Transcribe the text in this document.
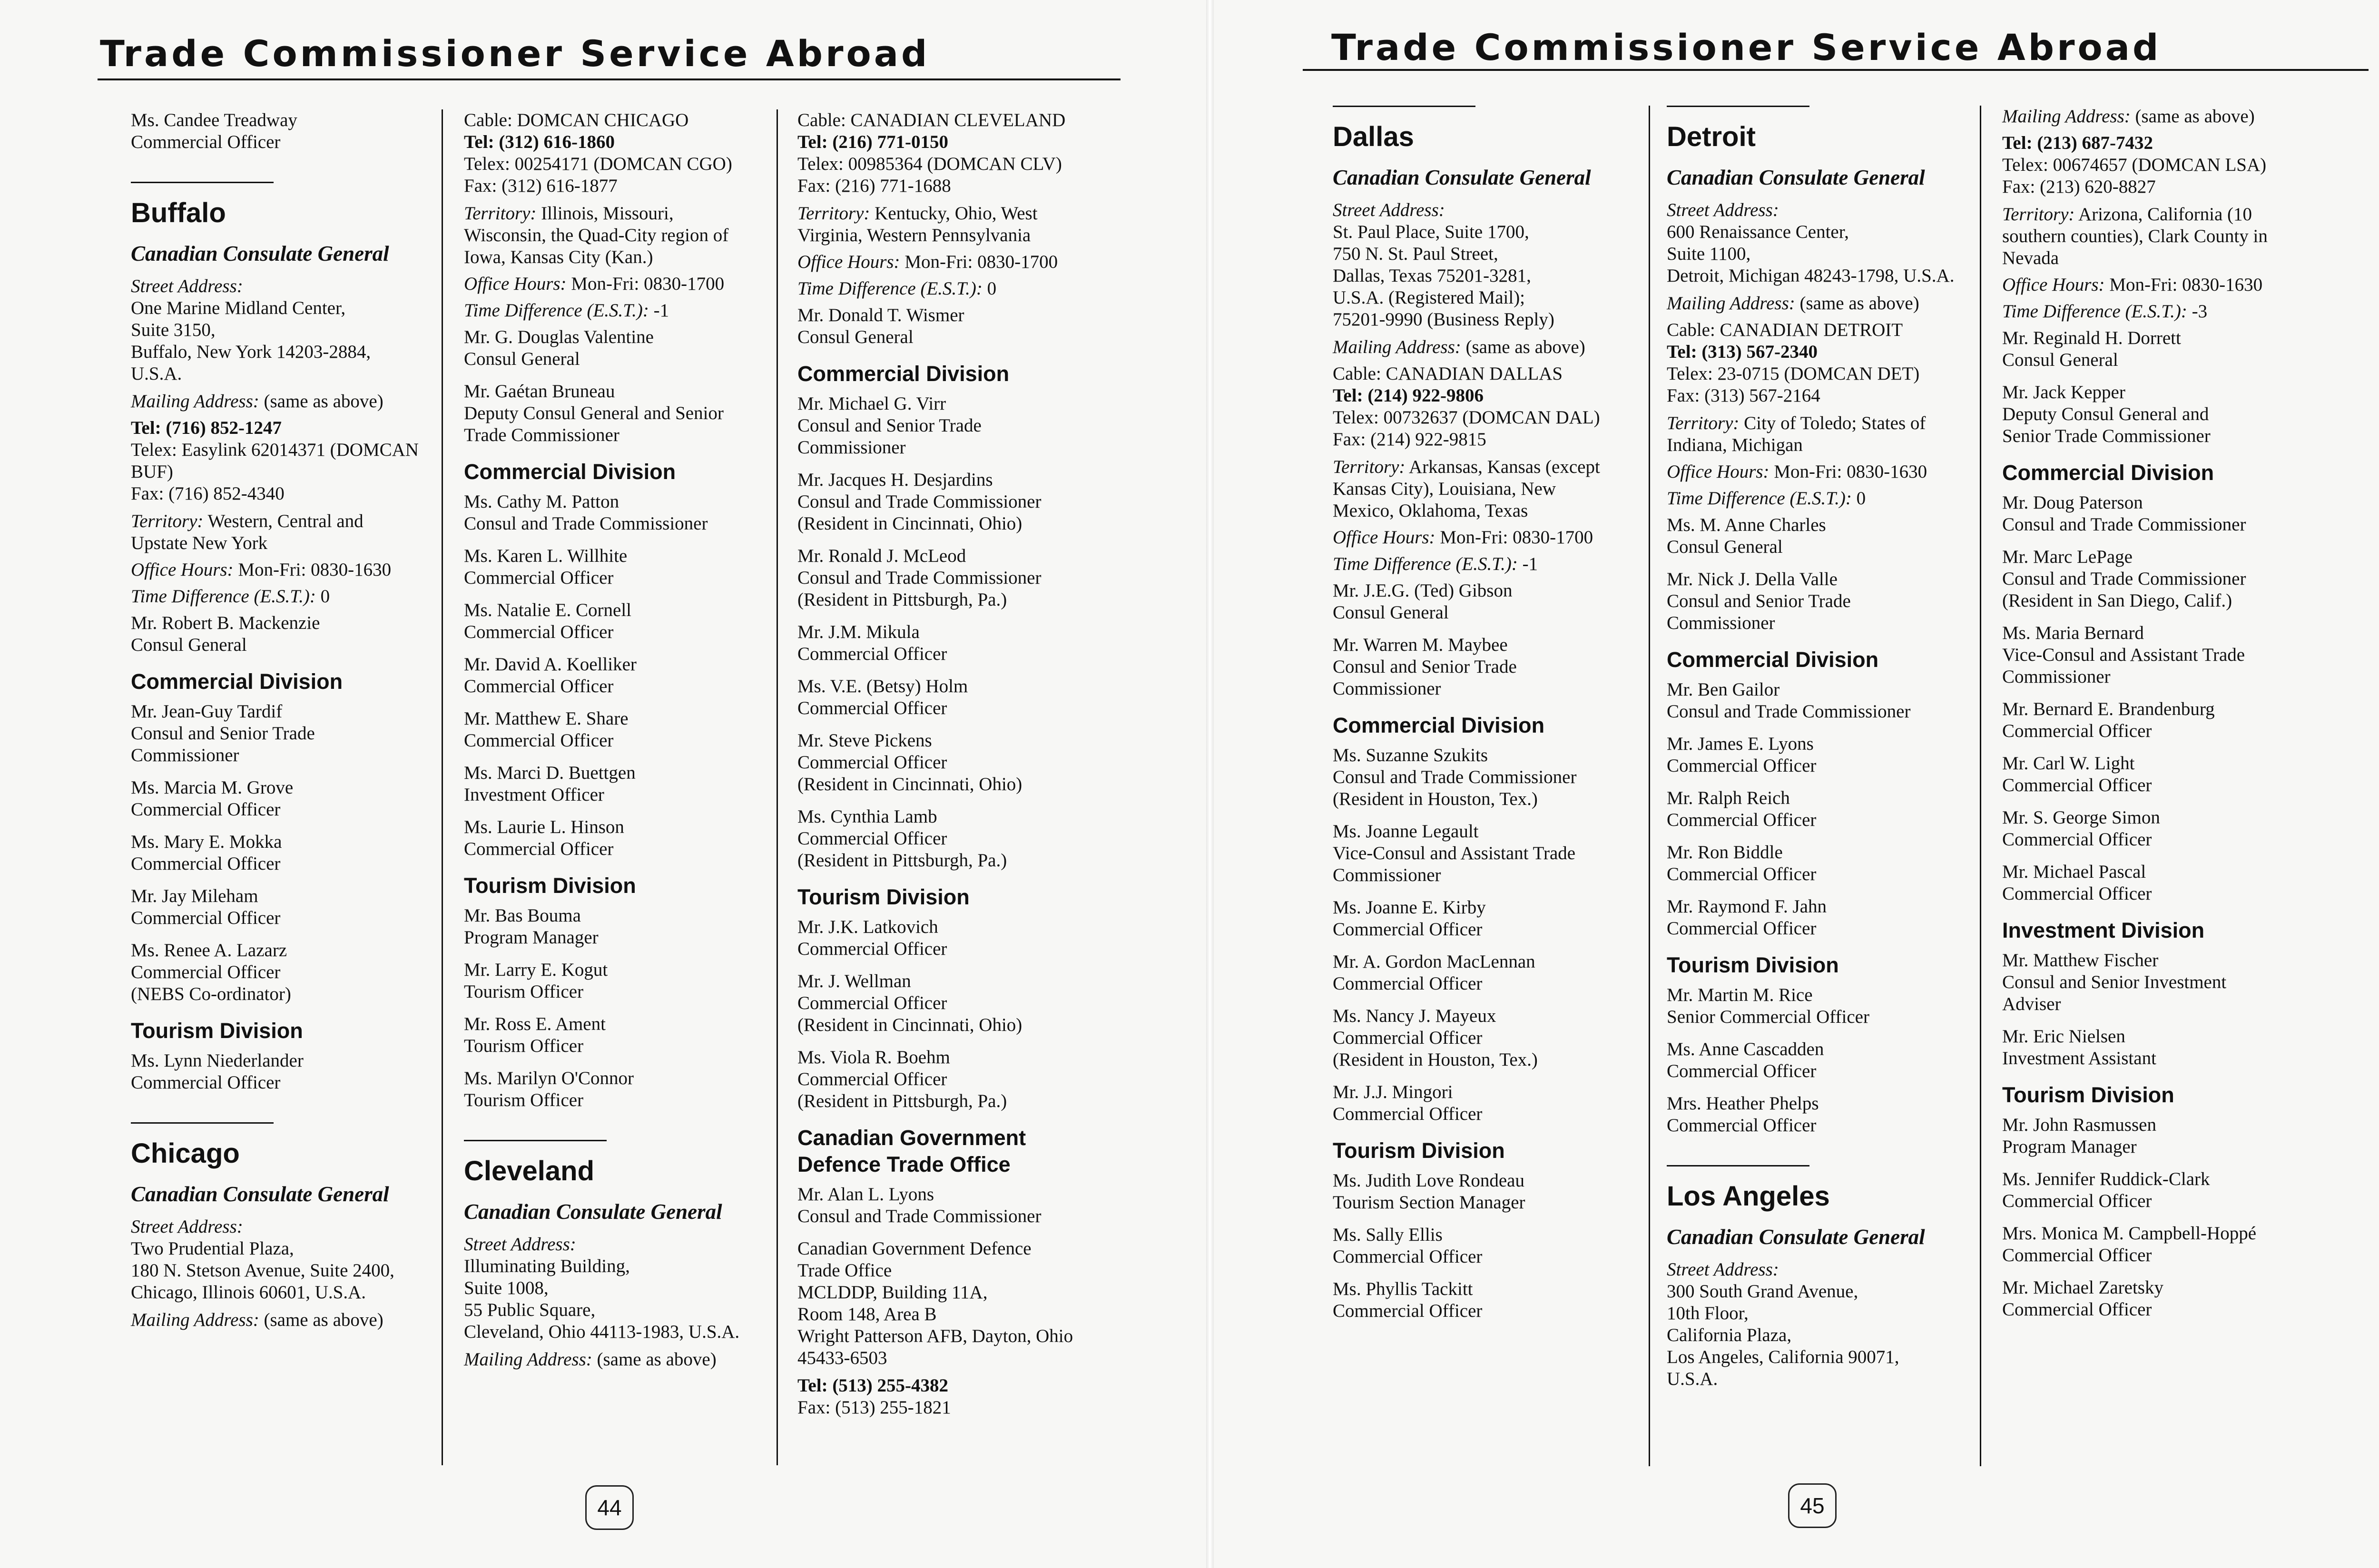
Trade Commissioner Service Abroad
Ms. Candee Treadway
Commercial Officer
Buffalo
Canadian Consulate General
Street Address:
One Marine Midland Center,
Suite 3150,
Buffalo, New York 14203-2884,
U.S.A.
Mailing Address: (same as above)
Tel: (716) 852-1247
Telex: Easylink 62014371 (DOMCAN
BUF)
Fax: (716) 852-4340
Territory: Western, Central and
Upstate New York
Office Hours: Mon-Fri: 0830-1630
Time Difference (E.S.T.): 0
Mr. Robert B. Mackenzie
Consul General
Commercial Division
Mr. Jean-Guy Tardif
Consul and Senior Trade
Commissioner
Ms. Marcia M. Grove
Commercial Officer
Ms. Mary E. Mokka
Commercial Officer
Mr. Jay Mileham
Commercial Officer
Ms. Renee A. Lazarz
Commercial Officer
(NEBS Co-ordinator)
Tourism Division
Ms. Lynn Niederlander
Commercial Officer
Chicago
Canadian Consulate General
Street Address:
Two Prudential Plaza,
180 N. Stetson Avenue, Suite 2400,
Chicago, Illinois 60601, U.S.A.
Mailing Address: (same as above)
Cable: DOMCAN CHICAGO
Tel: (312) 616-1860
Telex: 00254171 (DOMCAN CGO)
Fax: (312) 616-1877
Territory: Illinois, Missouri,
Wisconsin, the Quad-City region of
Iowa, Kansas City (Kan.)
Office Hours: Mon-Fri: 0830-1700
Time Difference (E.S.T.): -1
Mr. G. Douglas Valentine
Consul General
Mr. Gaétan Bruneau
Deputy Consul General and Senior
Trade Commissioner
Commercial Division
Ms. Cathy M. Patton
Consul and Trade Commissioner
Ms. Karen L. Willhite
Commercial Officer
Ms. Natalie E. Cornell
Commercial Officer
Mr. David A. Koelliker
Commercial Officer
Mr. Matthew E. Share
Commercial Officer
Ms. Marci D. Buettgen
Investment Officer
Ms. Laurie L. Hinson
Commercial Officer
Tourism Division
Mr. Bas Bouma
Program Manager
Mr. Larry E. Kogut
Tourism Officer
Mr. Ross E. Ament
Tourism Officer
Ms. Marilyn O'Connor
Tourism Officer
Cleveland
Canadian Consulate General
Street Address:
Illuminating Building,
Suite 1008,
55 Public Square,
Cleveland, Ohio 44113-1983, U.S.A.
Mailing Address: (same as above)
Cable: CANADIAN CLEVELAND
Tel: (216) 771-0150
Telex: 00985364 (DOMCAN CLV)
Fax: (216) 771-1688
Territory: Kentucky, Ohio, West
Virginia, Western Pennsylvania
Office Hours: Mon-Fri: 0830-1700
Time Difference (E.S.T.): 0
Mr. Donald T. Wismer
Consul General
Commercial Division
Mr. Michael G. Virr
Consul and Senior Trade
Commissioner
Mr. Jacques H. Desjardins
Consul and Trade Commissioner
(Resident in Cincinnati, Ohio)
Mr. Ronald J. McLeod
Consul and Trade Commissioner
(Resident in Pittsburgh, Pa.)
Mr. J.M. Mikula
Commercial Officer
Ms. V.E. (Betsy) Holm
Commercial Officer
Mr. Steve Pickens
Commercial Officer
(Resident in Cincinnati, Ohio)
Ms. Cynthia Lamb
Commercial Officer
(Resident in Pittsburgh, Pa.)
Tourism Division
Mr. J.K. Latkovich
Commercial Officer
Mr. J. Wellman
Commercial Officer
(Resident in Cincinnati, Ohio)
Ms. Viola R. Boehm
Commercial Officer
(Resident in Pittsburgh, Pa.)
Canadian Government
Defence Trade Office
Mr. Alan L. Lyons
Consul and Trade Commissioner
Canadian Government Defence
Trade Office
MCLDDP, Building 11A,
Room 148, Area B
Wright Patterson AFB, Dayton, Ohio
45433-6503
Tel: (513) 255-4382
Fax: (513) 255-1821
44
Trade Commissioner Service Abroad
Dallas
Canadian Consulate General
Street Address:
St. Paul Place, Suite 1700,
750 N. St. Paul Street,
Dallas, Texas 75201-3281,
U.S.A. (Registered Mail);
75201-9990 (Business Reply)
Mailing Address: (same as above)
Cable: CANADIAN DALLAS
Tel: (214) 922-9806
Telex: 00732637 (DOMCAN DAL)
Fax: (214) 922-9815
Territory: Arkansas, Kansas (except
Kansas City), Louisiana, New
Mexico, Oklahoma, Texas
Office Hours: Mon-Fri: 0830-1700
Time Difference (E.S.T.): -1
Mr. J.E.G. (Ted) Gibson
Consul General
Mr. Warren M. Maybee
Consul and Senior Trade
Commissioner
Commercial Division
Ms. Suzanne Szukits
Consul and Trade Commissioner
(Resident in Houston, Tex.)
Ms. Joanne Legault
Vice-Consul and Assistant Trade
Commissioner
Ms. Joanne E. Kirby
Commercial Officer
Mr. A. Gordon MacLennan
Commercial Officer
Ms. Nancy J. Mayeux
Commercial Officer
(Resident in Houston, Tex.)
Mr. J.J. Mingori
Commercial Officer
Tourism Division
Ms. Judith Love Rondeau
Tourism Section Manager
Ms. Sally Ellis
Commercial Officer
Ms. Phyllis Tackitt
Commercial Officer
Detroit
Canadian Consulate General
Street Address:
600 Renaissance Center,
Suite 1100,
Detroit, Michigan 48243-1798, U.S.A.
Mailing Address: (same as above)
Cable: CANADIAN DETROIT
Tel: (313) 567-2340
Telex: 23-0715 (DOMCAN DET)
Fax: (313) 567-2164
Territory: City of Toledo; States of
Indiana, Michigan
Office Hours: Mon-Fri: 0830-1630
Time Difference (E.S.T.): 0
Ms. M. Anne Charles
Consul General
Mr. Nick J. Della Valle
Consul and Senior Trade
Commissioner
Commercial Division
Mr. Ben Gailor
Consul and Trade Commissioner
Mr. James E. Lyons
Commercial Officer
Mr. Ralph Reich
Commercial Officer
Mr. Ron Biddle
Commercial Officer
Mr. Raymond F. Jahn
Commercial Officer
Tourism Division
Mr. Martin M. Rice
Senior Commercial Officer
Ms. Anne Cascadden
Commercial Officer
Mrs. Heather Phelps
Commercial Officer
Los Angeles
Canadian Consulate General
Street Address:
300 South Grand Avenue,
10th Floor,
California Plaza,
Los Angeles, California 90071,
U.S.A.
Mailing Address: (same as above)
Tel: (213) 687-7432
Telex: 00674657 (DOMCAN LSA)
Fax: (213) 620-8827
Territory: Arizona, California (10
southern counties), Clark County in
Nevada
Office Hours: Mon-Fri: 0830-1630
Time Difference (E.S.T.): -3
Mr. Reginald H. Dorrett
Consul General
Mr. Jack Kepper
Deputy Consul General and
Senior Trade Commissioner
Commercial Division
Mr. Doug Paterson
Consul and Trade Commissioner
Mr. Marc LePage
Consul and Trade Commissioner
(Resident in San Diego, Calif.)
Ms. Maria Bernard
Vice-Consul and Assistant Trade
Commissioner
Mr. Bernard E. Brandenburg
Commercial Officer
Mr. Carl W. Light
Commercial Officer
Mr. S. George Simon
Commercial Officer
Mr. Michael Pascal
Commercial Officer
Investment Division
Mr. Matthew Fischer
Consul and Senior Investment
Adviser
Mr. Eric Nielsen
Investment Assistant
Tourism Division
Mr. John Rasmussen
Program Manager
Ms. Jennifer Ruddick-Clark
Commercial Officer
Mrs. Monica M. Campbell-Hoppé
Commercial Officer
Mr. Michael Zaretsky
Commercial Officer
45
